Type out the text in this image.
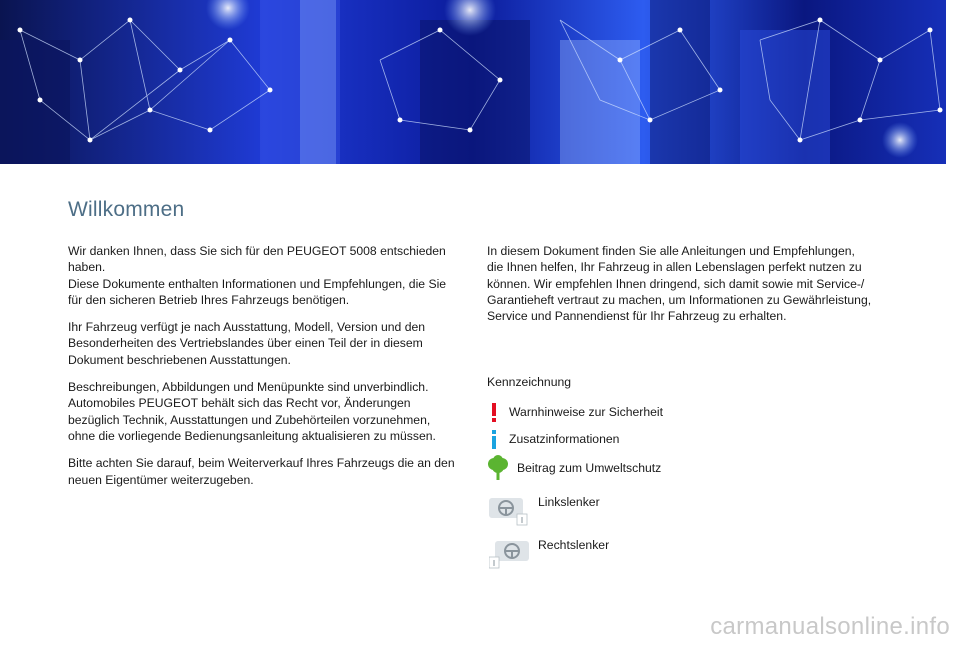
Willkommen

Wir danken Ihnen, dass Sie sich für den PEUGEOT 5008 entschieden
haben.
Diese Dokumente enthalten Informationen und Empfehlungen, die Sie
für den sicheren Betrieb Ihres Fahrzeugs benötigen.

Ihr Fahrzeug verfügt je nach Ausstattung, Modell, Version und den
Besonderheiten des Vertriebslandes über einen Teil der in diesem
Dokument beschriebenen Ausstattungen.

Beschreibungen, Abbildungen und Menüpunkte sind unverbindlich.
Automobiles PEUGEOT behält sich das Recht vor, Änderungen
bezüglich Technik, Ausstattungen und Zubehörteilen vorzunehmen,
ohne die vorliegende Bedienungsanleitung aktualisieren zu müssen.

Bitte achten Sie darauf, beim Weiterverkauf Ihres Fahrzeugs die an den
neuen Eigentümer weiterzugeben.

In diesem Dokument finden Sie alle Anleitungen und Empfehlungen,
die Ihnen helfen, Ihr Fahrzeug in allen Lebenslagen perfekt nutzen zu
können. Wir empfehlen Ihnen dringend, sich damit sowie mit Service-/
Garantieheft vertraut zu machen, um Informationen zu Gewährleistung,
Service und Pannendienst für Ihr Fahrzeug zu erhalten.

Kennzeichnung
Warnhinweise zur Sicherheit
Zusatzinformationen
Beitrag zum Umweltschutz
Linkslenker
Rechtslenker
carmanualsonline.info
